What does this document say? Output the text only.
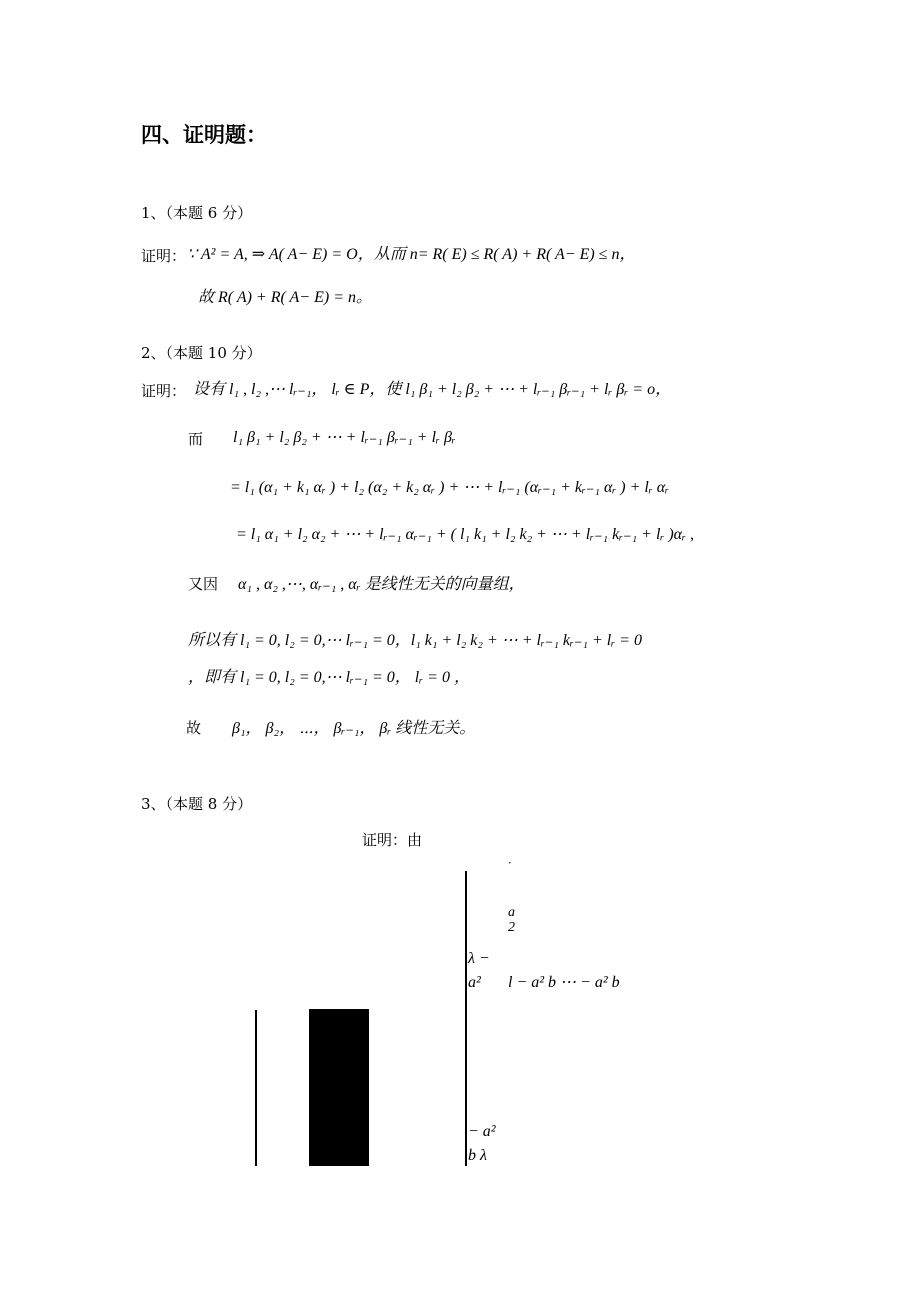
四、证明题：
1、（本题 6 分）
证明： ∵ A² = A, ⇒ A( A− E) = O，从而 n= R( E) ≤ R( A) + R( A− E) ≤ n，
故 R( A) + R( A− E) = n。
2、（本题 10 分）
证明： 设有 l₁ , l₂ ,⋯ lᵣ₋₁， lᵣ ∈ P，使 l₁ β₁ + l₂ β₂ + ⋯ + lᵣ₋₁ βᵣ₋₁ + lᵣ βᵣ = o，
而 l₁ β₁ + l₂ β₂ + ⋯ + lᵣ₋₁ βᵣ₋₁ + lᵣ βᵣ
= l₁ (α₁ + k₁ αᵣ ) + l₂ (α₂ + k₂ αᵣ ) + ⋯ + lᵣ₋₁ (αᵣ₋₁ + kᵣ₋₁ αᵣ ) + lᵣ αᵣ
= l₁ α₁ + l₂ α₂ + ⋯ + lᵣ₋₁ αᵣ₋₁ + ( l₁ k₁ + l₂ k₂ + ⋯ + lᵣ₋₁ kᵣ₋₁ + lᵣ )αᵣ ,
又因 α₁ , α₂ ,⋯, αᵣ₋₁ , αᵣ 是线性无关的向量组，
所以有 l₁ = 0, l₂ = 0,⋯ lᵣ₋₁ = 0，l₁ k₁ + l₂ k₂ + ⋯ + lᵣ₋₁ kᵣ₋₁ + lᵣ = 0
，即有 l₁ = 0, l₂ = 0,⋯ lᵣ₋₁ = 0， lᵣ = 0 ，
故 β₁， β₂， ⋯， βᵣ₋₁， βᵣ 线性无关。
3、（本题 8 分）
证明：由
·
a
2
λ −
a² l − a² b ⋯ − a² b
− a²
b λ
